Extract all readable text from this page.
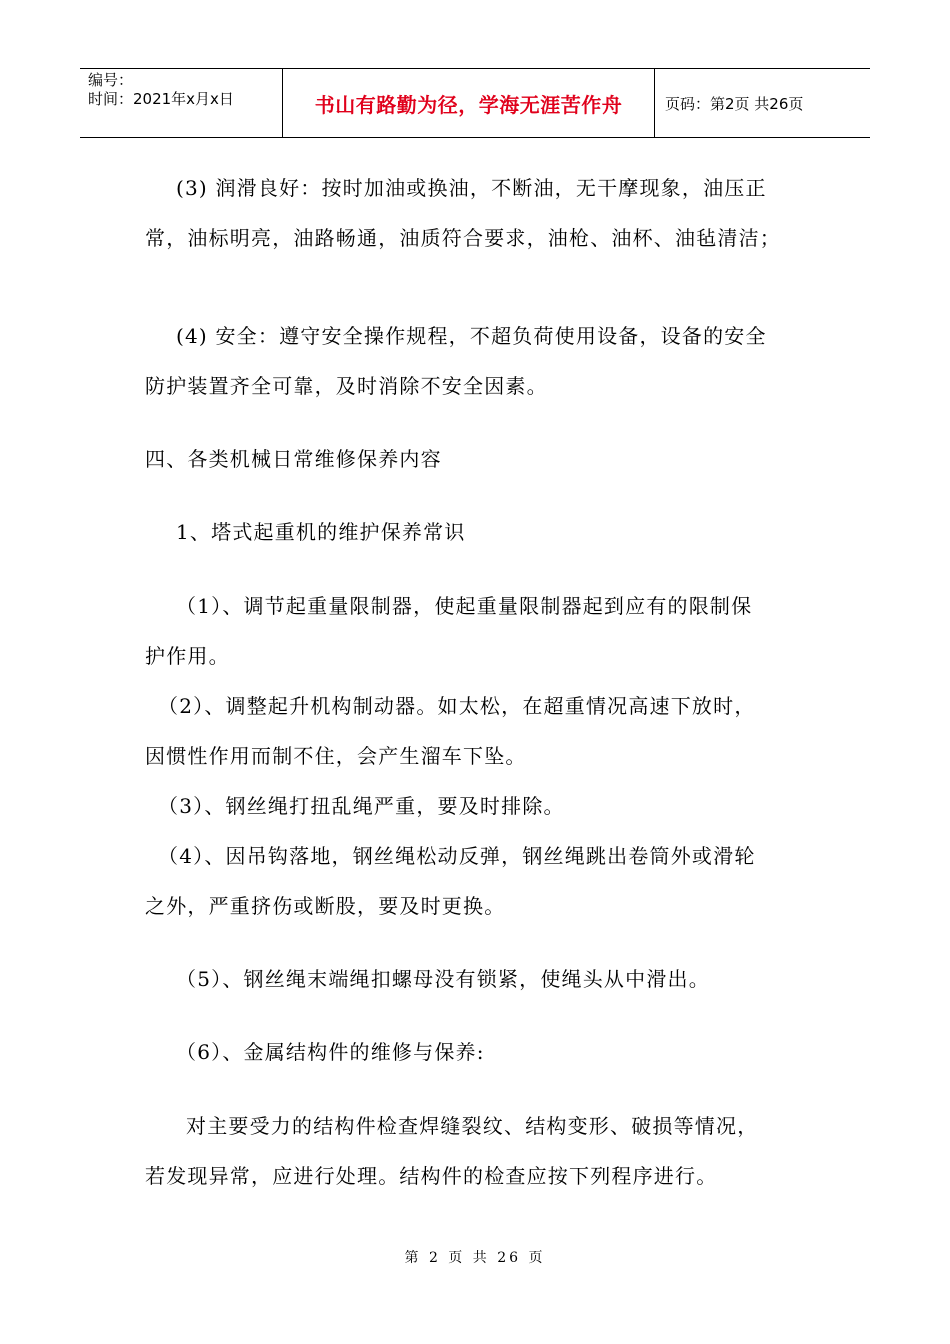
编号：
时间：2021年x月x日	书山有路勤为径，学海无涯苦作舟	页码：第2页 共26页
(3) 润滑良好：按时加油或换油，不断油，无干摩现象，油压正
常，油标明亮，油路畅通，油质符合要求，油枪、油杯、油毡清洁；
(4) 安全：遵守安全操作规程，不超负荷使用设备，设备的安全
防护装置齐全可靠，及时消除不安全因素。
四、各类机械日常维修保养内容
1、塔式起重机的维护保养常识
（1）、调节起重量限制器，使起重量限制器起到应有的限制保
护作用。
（2）、调整起升机构制动器。如太松，在超重情况高速下放时，
因惯性作用而制不住，会产生溜车下坠。
（3）、钢丝绳打扭乱绳严重，要及时排除。
（4）、因吊钩落地，钢丝绳松动反弹，钢丝绳跳出卷筒外或滑轮
之外，严重挤伤或断股，要及时更换。
（5）、钢丝绳末端绳扣螺母没有锁紧，使绳头从中滑出。
（6）、金属结构件的维修与保养:
对主要受力的结构件检查焊缝裂纹、结构变形、破损等情况，
若发现异常，应进行处理。结构件的检查应按下列程序进行。
第 2 页 共 26 页
